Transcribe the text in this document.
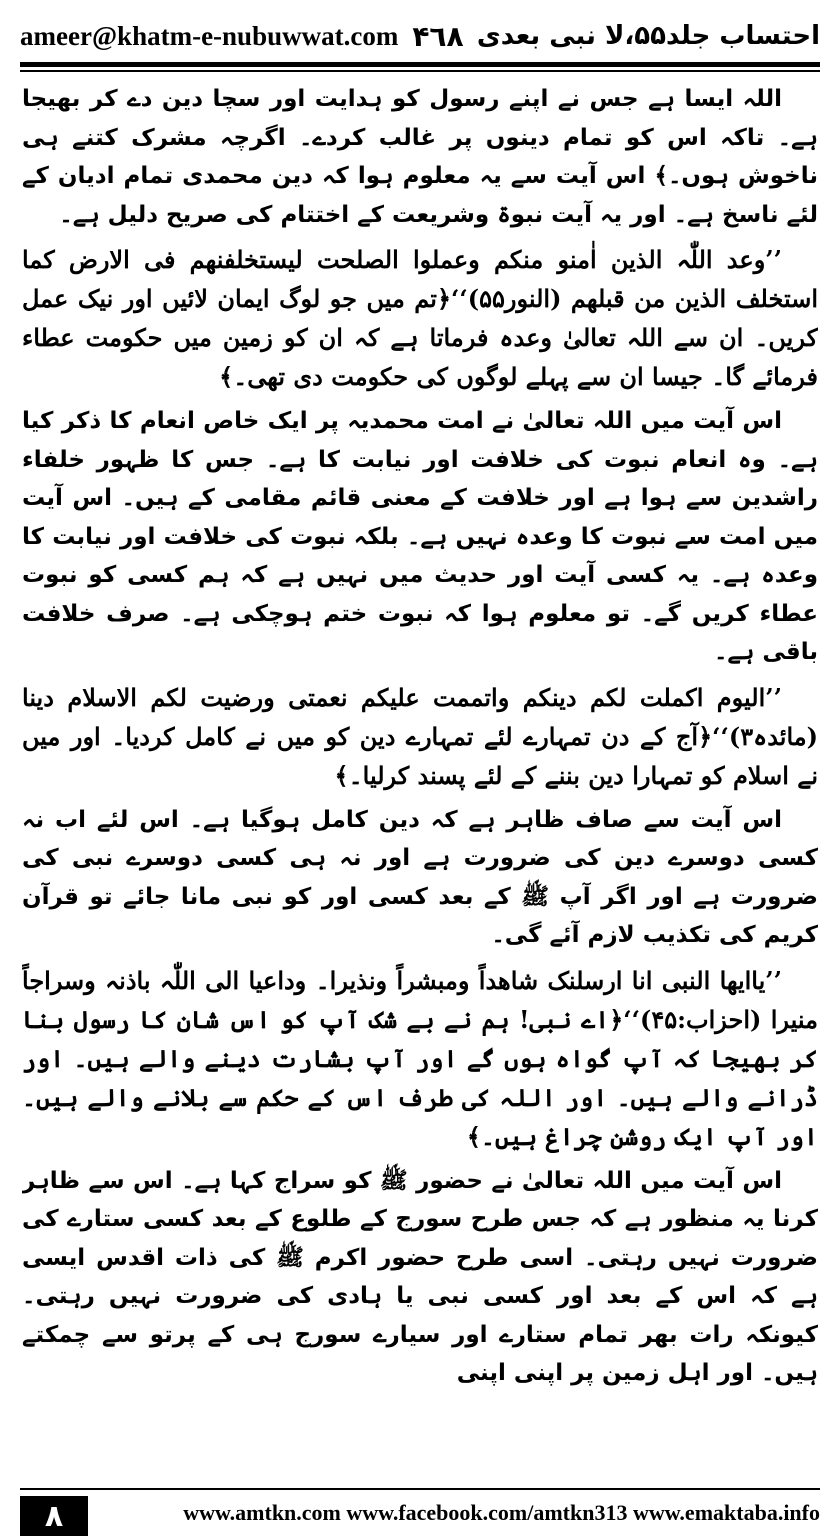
ameer@khatm-e-nubuwwat.com ۴٦٨ احتساب جلد۵۵،لا نبی بعدی

اللہ ایسا ہے جس نے اپنے رسول کو ہدایت اور سچا دین دے کر بھیجا ہے۔ تاکہ اس کو تمام دینوں پر غالب کردے۔ اگرچہ مشرک کتنے ہی ناخوش ہوں۔﴾ اس آیت سے یہ معلوم ہوا کہ دین محمدی تمام ادیان کے لئے ناسخ ہے۔ اور یہ آیت نبوۃ وشریعت کے اختتام کی صریح دلیل ہے۔

’’وعد اللّٰہ الذین اٰمنو منکم وعملوا الصلحت لیستخلفنھم فی الارض کما استخلف الذین من قبلھم (النور۵۵)‘‘﴿تم میں جو لوگ ایمان لائیں اور نیک عمل کریں۔ ان سے اللہ تعالیٰ وعدہ فرماتا ہے کہ ان کو زمین میں حکومت عطاء فرمائے گا۔ جیسا ان سے پہلے لوگوں کی حکومت دی تھی۔﴾

اس آیت میں اللہ تعالیٰ نے امت محمدیہ پر ایک خاص انعام کا ذکر کیا ہے۔ وہ انعام نبوت کی خلافت اور نیابت کا ہے۔ جس کا ظہور خلفاء راشدین سے ہوا ہے اور خلافت کے معنی قائم مقامی کے ہیں۔ اس آیت میں امت سے نبوت کا وعدہ نہیں ہے۔ بلکہ نبوت کی خلافت اور نیابت کا وعدہ ہے۔ یہ کسی آیت اور حدیث میں نہیں ہے کہ ہم کسی کو نبوت عطاء کریں گے۔ تو معلوم ہوا کہ نبوت ختم ہوچکی ہے۔ صرف خلافت باقی ہے۔

’’الیوم اکملت لکم دینکم واتممت علیکم نعمتی ورضیت لکم الاسلام دینا (مائدہ۳)‘‘﴿آج کے دن تمہارے لئے تمہارے دین کو میں نے کامل کردیا۔ اور میں نے اسلام کو تمہارا دین بننے کے لئے پسند کرلیا۔﴾

اس آیت سے صاف ظاہر ہے کہ دین کامل ہوگیا ہے۔ اس لئے اب نہ کسی دوسرے دین کی ضرورت ہے اور نہ ہی کسی دوسرے نبی کی ضرورت ہے اور اگر آپ ﷺ کے بعد کسی اور کو نبی مانا جائے تو قرآن کریم کی تکذیب لازم آئے گی۔

’’یاایھا النبی انا ارسلنک شاھداً ومبشراً ونذیرا۔ وداعیا الی اللّٰہ باذنہ وسراجاً منیرا (احزاب:۴۵)‘‘﴿اے نبی! ہم نے بے شک آپ کو اس شان کا رسول بنا کر بھیجا کہ آپ گواہ ہوں گے اور آپ بشارت دینے والے ہیں۔ اور ڈرانے والے ہیں۔ اور اللہ کی طرف اس کے حکم سے بلانے والے ہیں۔ اور آپ ایک روشن چراغ ہیں۔﴾

اس آیت میں اللہ تعالیٰ نے حضور ﷺ کو سراج کہا ہے۔ اس سے ظاہر کرنا یہ منظور ہے کہ جس طرح سورج کے طلوع کے بعد کسی ستارے کی ضرورت نہیں رہتی۔ اسی طرح حضور اکرم ﷺ کی ذات اقدس ایسی ہے کہ اس کے بعد اور کسی نبی یا ہادی کی ضرورت نہیں رہتی۔ کیونکہ رات بھر تمام ستارے اور سیارے سورج ہی کے پرتو سے چمکتے ہیں۔ اور اہل زمین پر اپنی اپنی

۸	www.amtkn.com www.facebook.com/amtkn313 www.emaktaba.info
